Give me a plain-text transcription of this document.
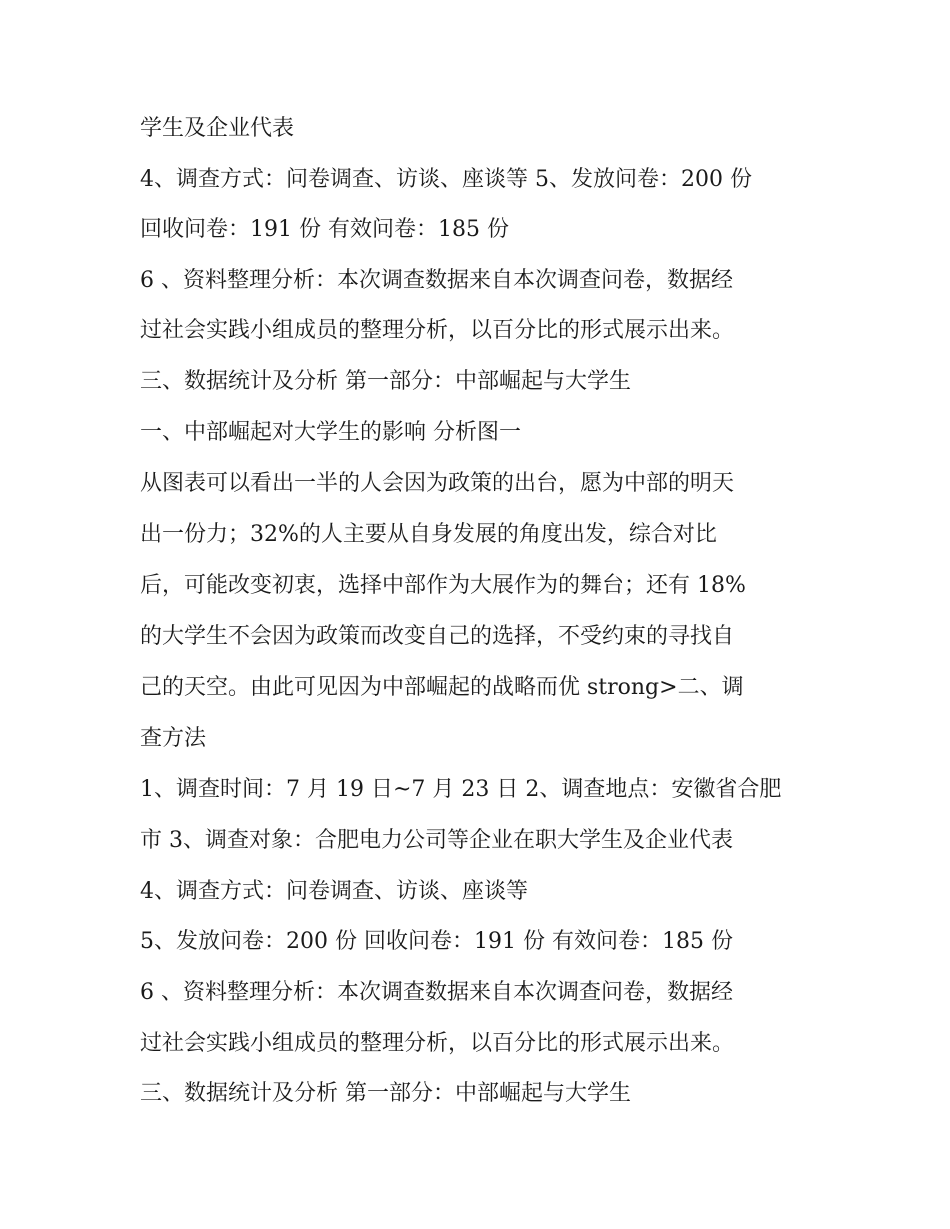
学生及企业代表
4、调查方式：问卷调查、访谈、座谈等 5、发放问卷：200 份
回收问卷：191 份 有效问卷：185 份
6 、资料整理分析：本次调查数据来自本次调查问卷，数据经
过社会实践小组成员的整理分析，以百分比的形式展示出来。
三、数据统计及分析 第一部分：中部崛起与大学生
一、中部崛起对大学生的影响 分析图一
从图表可以看出一半的人会因为政策的出台，愿为中部的明天
出一份力；32%的人主要从自身发展的角度出发，综合对比
后，可能改变初衷，选择中部作为大展作为的舞台；还有 18%
的大学生不会因为政策而改变自己的选择，不受约束的寻找自
己的天空。由此可见因为中部崛起的战略而优 strong>二、调
查方法
1、调查时间：7 月 19 日~7 月 23 日 2、调查地点：安徽省合肥
市 3、调查对象：合肥电力公司等企业在职大学生及企业代表
4、调查方式：问卷调查、访谈、座谈等
5、发放问卷：200 份 回收问卷：191 份 有效问卷：185 份
6 、资料整理分析：本次调查数据来自本次调查问卷，数据经
过社会实践小组成员的整理分析，以百分比的形式展示出来。
三、数据统计及分析 第一部分：中部崛起与大学生
